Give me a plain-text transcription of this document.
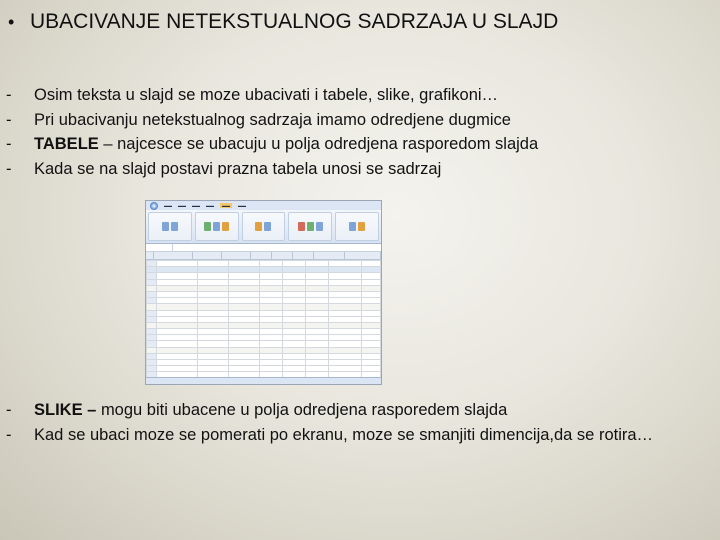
• UBACIVANJE NETEKSTUALNOG SADRZAJA U SLAJD
-	Osim teksta u slajd se moze ubacivati i tabele, slike, grafikoni…
-	Pri ubacivanju netekstualnog sadrzaja imamo odredjene dugmice
-	TABELE – najcesce se ubacuju u polja odredjena rasporedom slajda
-	Kada se na slajd postavi prazna tabela unosi se sadrzaj
▬▬ ▬▬ ▬▬ ▬▬	▬▬	▬▬

-	SLIKE – mogu biti ubacene u polja odredjena rasporedem slajda
-	Kad se ubaci moze se pomerati po ekranu, moze se smanjiti dimencija,da se rotira…
